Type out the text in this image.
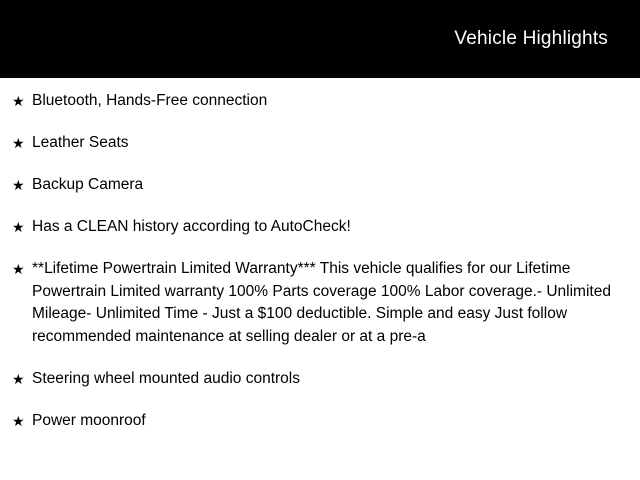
Vehicle Highlights
★ Bluetooth, Hands-Free connection
★ Leather Seats
★ Backup Camera
★ Has a CLEAN history according to AutoCheck!
★ **Lifetime Powertrain Limited Warranty*** This vehicle qualifies for our Lifetime Powertrain Limited warranty 100% Parts coverage 100% Labor coverage.- Unlimited Mileage- Unlimited Time - Just a $100 deductible. Simple and easy Just follow recommended maintenance at selling dealer or at a pre-a
★ Steering wheel mounted audio controls
★ Power moonroof
